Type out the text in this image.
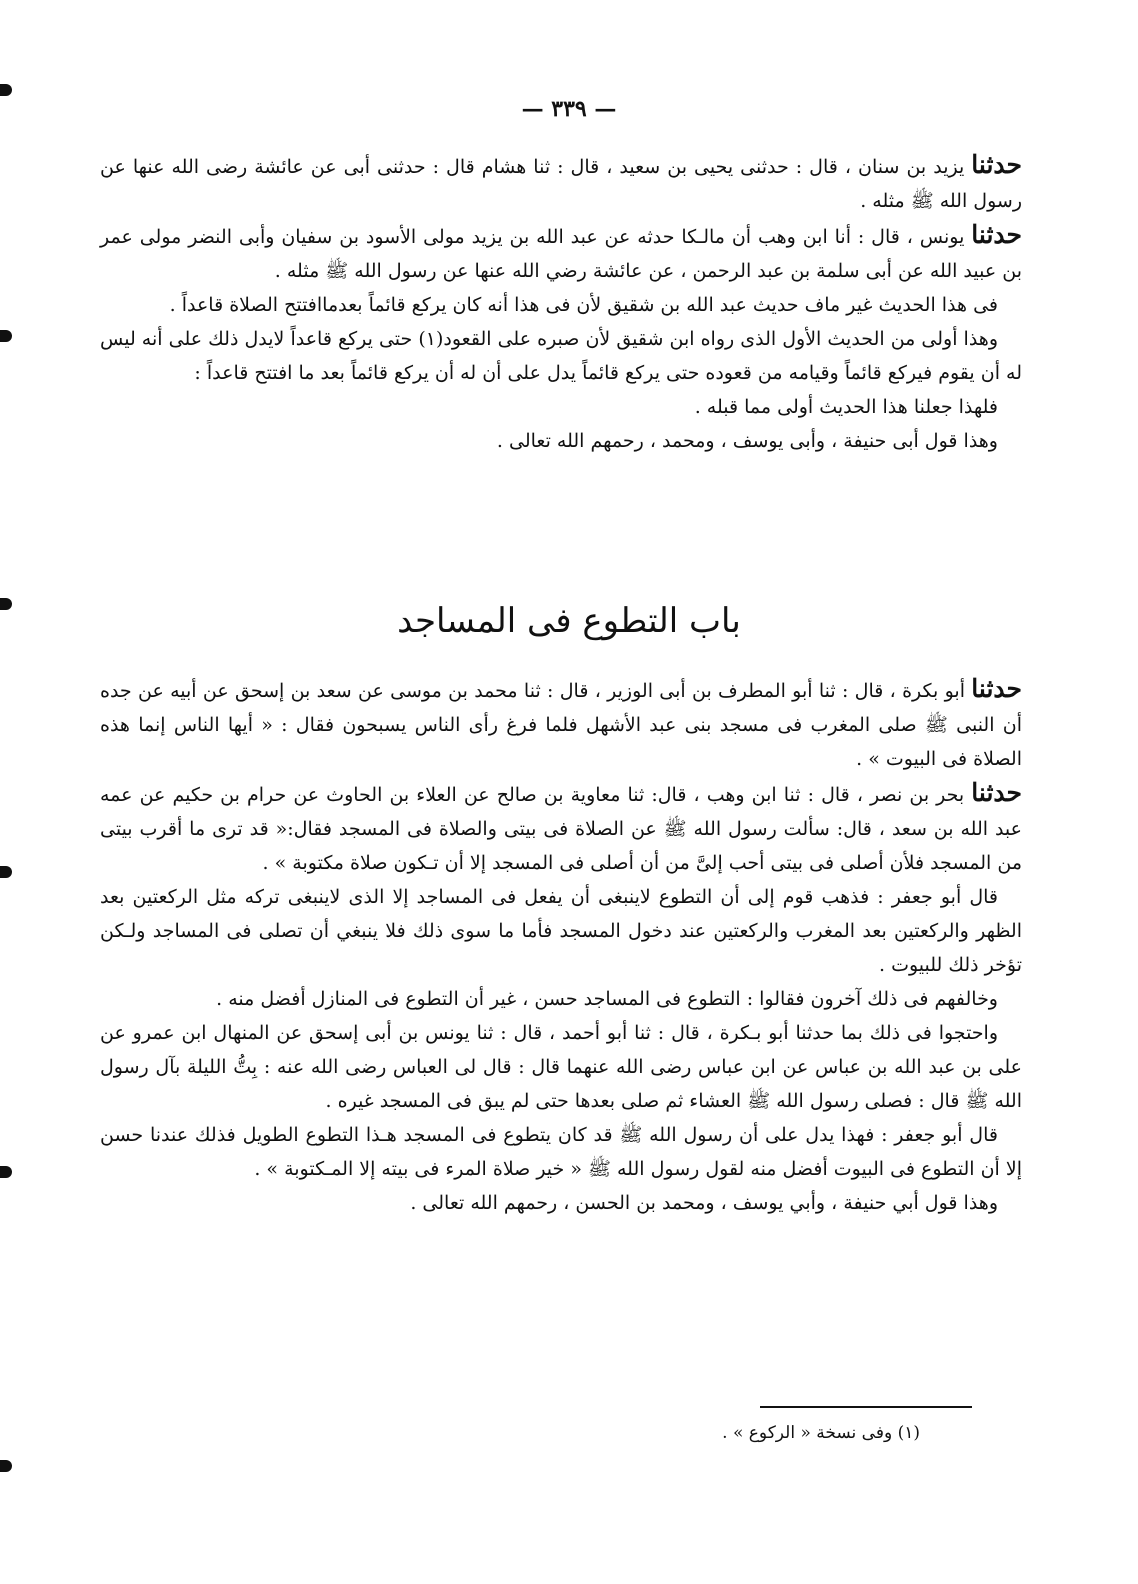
— ٣٣٩ —

حدثنا يزيد بن سنان ، قال : حدثنى يحيى بن سعيد ، قال : ثنا هشام قال : حدثنى أبى عن عائشة رضى الله عنها عن رسول الله ﷺ مثله .

حدثنا يونس ، قال : أنا ابن وهب أن مالـكا حدثه عن عبد الله بن يزيد مولى الأسود بن سفيان وأبى النضر مولى عمر بن عبيد الله عن أبى سلمة بن عبد الرحمن ، عن عائشة رضي الله عنها عن رسول الله ﷺ مثله .

فى هذا الحديث غير ماف حديث عبد الله بن شقيق لأن فى هذا أنه كان يركع قائماً بعدماافتتح الصلاة قاعداً .

وهذا أولى من الحديث الأول الذى رواه ابن شقيق لأن صبره على القعود(١) حتى يركع قاعداً لايدل ذلك على أنه ليس له أن يقوم فيركع قائماً وقيامه من قعوده حتى يركع قائماً يدل على أن له أن يركع قائماً بعد ما افتتح قاعداً :

فلهذا جعلنا هذا الحديث أولى مما قبله .

وهذا قول أبى حنيفة ، وأبى يوسف ، ومحمد ، رحمهم الله تعالى .

باب التطوع فى المساجد

حدثنا أبو بكرة ، قال : ثنا أبو المطرف بن أبى الوزير ، قال : ثنا محمد بن موسى عن سعد بن إسحق عن أبيه عن جده أن النبى ﷺ صلى المغرب فى مسجد بنى عبد الأشهل فلما فرغ رأى الناس يسبحون فقال : « أيها الناس إنما هذه الصلاة فى البيوت » .

حدثنا بحر بن نصر ، قال : ثنا ابن وهب ، قال: ثنا معاوية بن صالح عن العلاء بن الحاوث عن حرام بن حكيم عن عمه عبد الله بن سعد ، قال: سألت رسول الله ﷺ عن الصلاة فى بيتى والصلاة فى المسجد فقال:« قد ترى ما أقرب بيتى من المسجد فلأن أصلى فى بيتى أحب إلىَّ من أن أصلى فى المسجد إلا أن تـكون صلاة مكتوبة » .

قال أبو جعفر : فذهب قوم إلى أن التطوع لاينبغى أن يفعل فى المساجد إلا الذى لاينبغى تركه مثل الركعتين بعد الظهر والركعتين بعد المغرب والركعتين عند دخول المسجد فأما ما سوى ذلك فلا ينبغي أن تصلى فى المساجد ولـكن تؤخر ذلك للبيوت .

وخالفهم فى ذلك آخرون فقالوا : التطوع فى المساجد حسن ، غير أن التطوع فى المنازل أفضل منه .

واحتجوا فى ذلك بما حدثنا أبو بـكرة ، قال : ثنا أبو أحمد ، قال : ثنا يونس بن أبى إسحق عن المنهال ابن عمرو عن على بن عبد الله بن عباس عن ابن عباس رضى الله عنهما قال : قال لى العباس رضى الله عنه : بِتُّ الليلة بآل رسول الله ﷺ قال : فصلى رسول الله ﷺ العشاء ثم صلى بعدها حتى لم يبق فى المسجد غيره .

قال أبو جعفر : فهذا يدل على أن رسول الله ﷺ قد كان يتطوع فى المسجد هـذا التطوع الطويل فذلك عندنا حسن إلا أن التطوع فى البيوت أفضل منه لقول رسول الله ﷺ « خير صلاة المرء فى بيته إلا المـكتوبة » .

وهذا قول أبي حنيفة ، وأبي يوسف ، ومحمد بن الحسن ، رحمهم الله تعالى .

(١) وفى نسخة « الركوع » .
